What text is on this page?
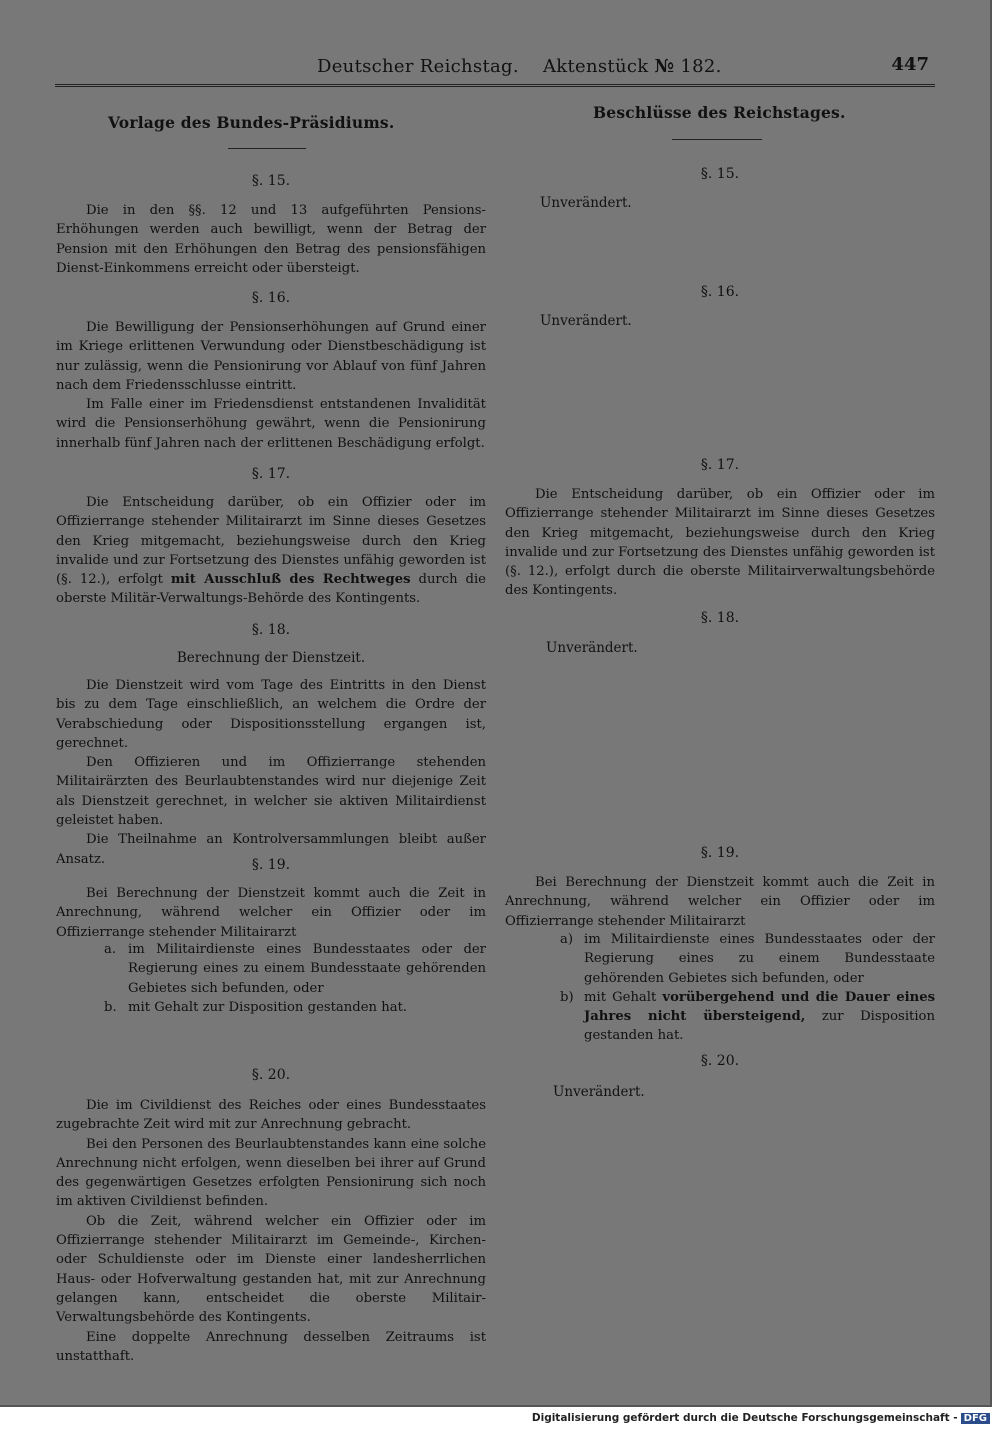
Deutscher Reichstag. Aktenstück № 182.	447
Vorlage des Bundes-Präsidiums.
Beschlüsse des Reichstages.
§. 15.

Die in den §§. 12 und 13 aufgeführten Pensions-Erhöhungen werden auch bewilligt, wenn der Betrag der Pension mit den Erhöhungen den Betrag des pensionsfähigen Dienst-Einkommens erreicht oder übersteigt.

§. 16.

Die Bewilligung der Pensionserhöhungen auf Grund einer im Kriege erlittenen Verwundung oder Dienstbeschädigung ist nur zulässig, wenn die Pensionirung vor Ablauf von fünf Jahren nach dem Friedensschlusse eintritt.

Im Falle einer im Friedensdienst entstandenen Invalidität wird die Pensionserhöhung gewährt, wenn die Pensionirung innerhalb fünf Jahren nach der erlittenen Beschädigung erfolgt.

§. 17.

Die Entscheidung darüber, ob ein Offizier oder im Offizierrange stehender Militairarzt im Sinne dieses Gesetzes den Krieg mitgemacht, beziehungsweise durch den Krieg invalide und zur Fortsetzung des Dienstes unfähig geworden ist (§. 12.), erfolgt mit Ausschluß des Rechtweges durch die oberste Militär-Verwaltungs-Behörde des Kontingents.

§. 18.
Berechnung der Dienstzeit.

Die Dienstzeit wird vom Tage des Eintritts in den Dienst bis zu dem Tage einschließlich, an welchem die Ordre der Verabschiedung oder Dispositionsstellung ergangen ist, gerechnet.

Den Offizieren und im Offizierrange stehenden Militairärzten des Beurlaubtenstandes wird nur diejenige Zeit als Dienstzeit gerechnet, in welcher sie aktiven Militairdienst geleistet haben.

Die Theilnahme an Kontrolversammlungen bleibt außer Ansatz.	§. 19.

Bei Berechnung der Dienstzeit kommt auch die Zeit in Anrechnung, während welcher ein Offizier oder im Offizierrange stehender Militairarzt

a. im Militairdienste eines Bundesstaates oder der Regierung eines zu einem Bundesstaate gehörenden Gebietes sich befunden, oder
b. mit Gehalt zur Disposition gestanden hat.
§. 20.

Die im Civildienst des Reiches oder eines Bundesstaates zugebrachte Zeit wird mit zur Anrechnung gebracht.

Bei den Personen des Beurlaubtenstandes kann eine solche Anrechnung nicht erfolgen, wenn dieselben bei ihrer auf Grund des gegenwärtigen Gesetzes erfolgten Pensionirung sich noch im aktiven Civildienst befinden.

Ob die Zeit, während welcher ein Offizier oder im Offizierrange stehender Militairarzt im Gemeinde-, Kirchen- oder Schuldienste oder im Dienste einer landesherrlichen Haus- oder Hofverwaltung gestanden hat, mit zur Anrechnung gelangen kann, entscheidet die oberste Militair-Verwaltungsbehörde des Kontingents.

Eine doppelte Anrechnung desselben Zeitraums ist unstatthaft.

§. 15.
Unverändert.
§. 16.
Unverändert.
§. 17.

Die Entscheidung darüber, ob ein Offizier oder im Offizierrange stehender Militairarzt im Sinne dieses Gesetzes den Krieg mitgemacht, beziehungsweise durch den Krieg invalide und zur Fortsetzung des Dienstes unfähig geworden ist (§. 12.), erfolgt durch die oberste Militairverwaltungsbehörde des Kontingents.

§. 18.
Unverändert.
§. 19.

Bei Berechnung der Dienstzeit kommt auch die Zeit in Anrechnung, während welcher ein Offizier oder im Offizierrange stehender Militairarzt

a) im Militairdienste eines Bundesstaates oder der Regierung eines zu einem Bundesstaate gehörenden Gebietes sich befunden, oder
b) mit Gehalt vorübergehend und die Dauer eines Jahres nicht übersteigend, zur Disposition gestanden hat.
§. 20.
Unverändert.
Digitalisierung gefördert durch die Deutsche Forschungsgemeinschaft - DFG
